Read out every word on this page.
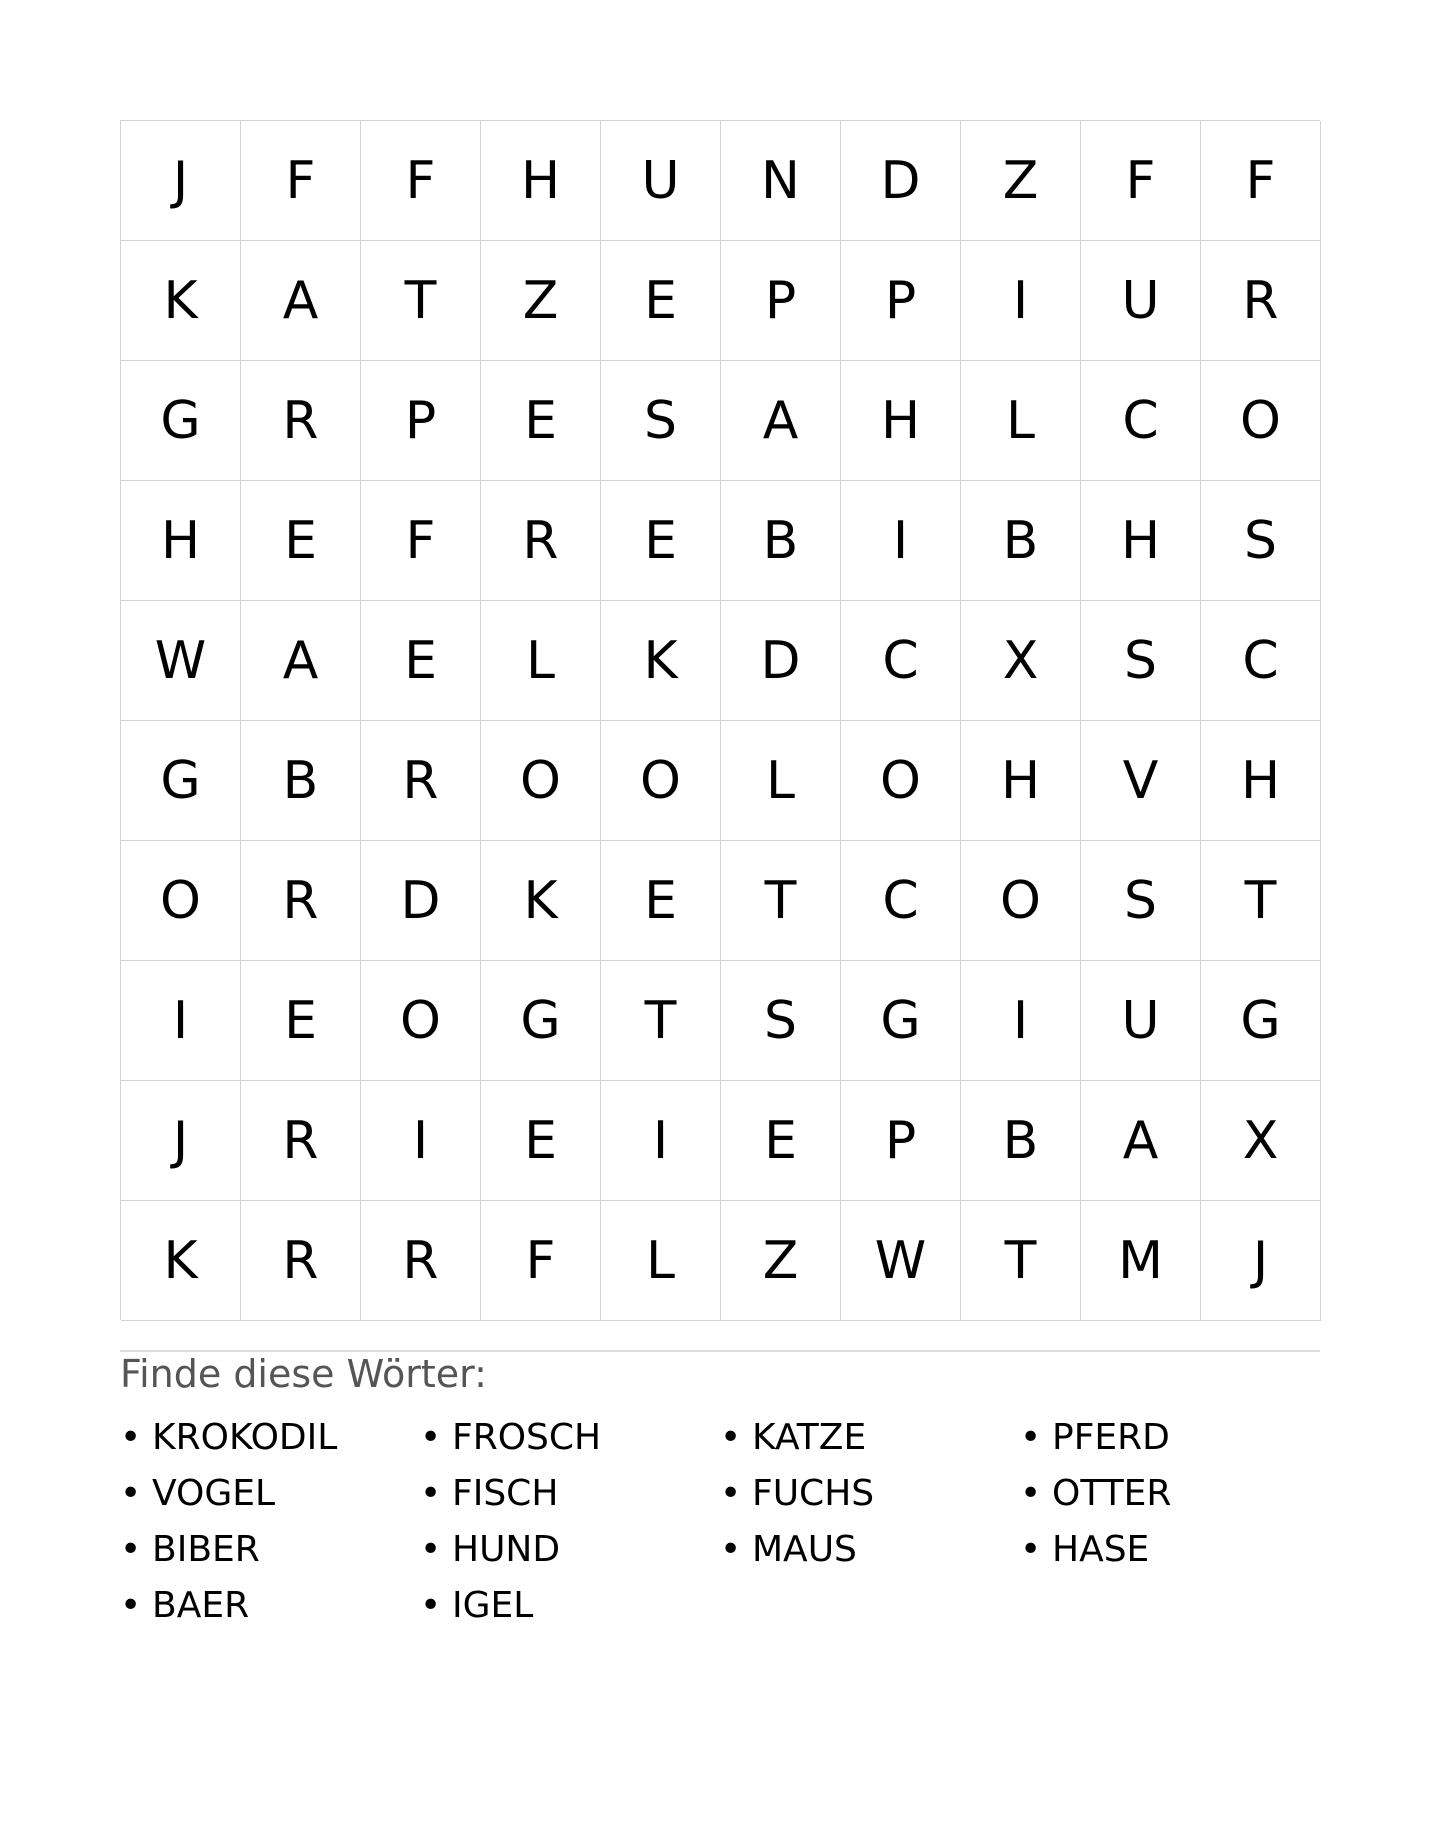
J	F	F	H	U	N	D	Z	F	F
K	A	T	Z	E	P	P	I	U	R
G	R	P	E	S	A	H	L	C	O
H	E	F	R	E	B	I	B	H	S
W	A	E	L	K	D	C	X	S	C
G	B	R	O	O	L	O	H	V	H
O	R	D	K	E	T	C	O	S	T
I	E	O	G	T	S	G	I	U	G
J	R	I	E	I	E	P	B	A	X
K	R	R	F	L	Z	W	T	M	J
Finde diese Wörter:
• KROKODIL	• FROSCH	• KATZE	• PFERD
• VOGEL	• FISCH	• FUCHS	• OTTER
• BIBER	• HUND	• MAUS	• HASE
• BAER	• IGEL
